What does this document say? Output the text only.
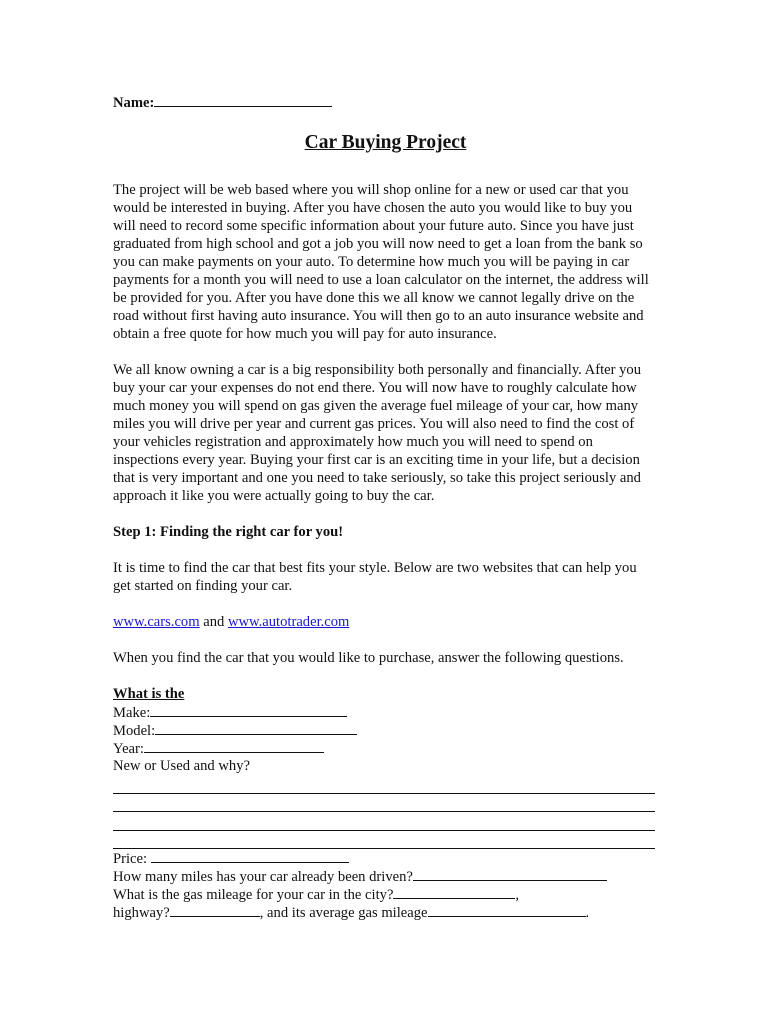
Name:
Car Buying Project

The project will be web based where you will shop online for a new or used car that you would be interested in buying. After you have chosen the auto you would like to buy you will need to record some specific information about your future auto. Since you have just graduated from high school and got a job you will now need to get a loan from the bank so you can make payments on your auto. To determine how much you will be paying in car payments for a month you will need to use a loan calculator on the internet, the address will be provided for you. After you have done this we all know we cannot legally drive on the road without first having auto insurance. You will then go to an auto insurance website and obtain a free quote for how much you will pay for auto insurance.

We all know owning a car is a big responsibility both personally and financially. After you buy your car your expenses do not end there. You will now have to roughly calculate how much money you will spend on gas given the average fuel mileage of your car, how many miles you will drive per year and current gas prices. You will also need to find the cost of your vehicles registration and approximately how much you will need to spend on inspections every year. Buying your first car is an exciting time in your life, but a decision that is very important and one you need to take seriously, so take this project seriously and approach it like you were actually going to buy the car.

Step 1: Finding the right car for you!

It is time to find the car that best fits your style. Below are two websites that can help you get started on finding your car.

www.cars.com and www.autotrader.com

When you find the car that you would like to purchase, answer the following questions.

What is the
Make:
Model:
Year:
New or Used and why?
Price:
How many miles has your car already been driven?
What is the gas mileage for your car in the city?	,
highway?	, and its average gas mileage	.
